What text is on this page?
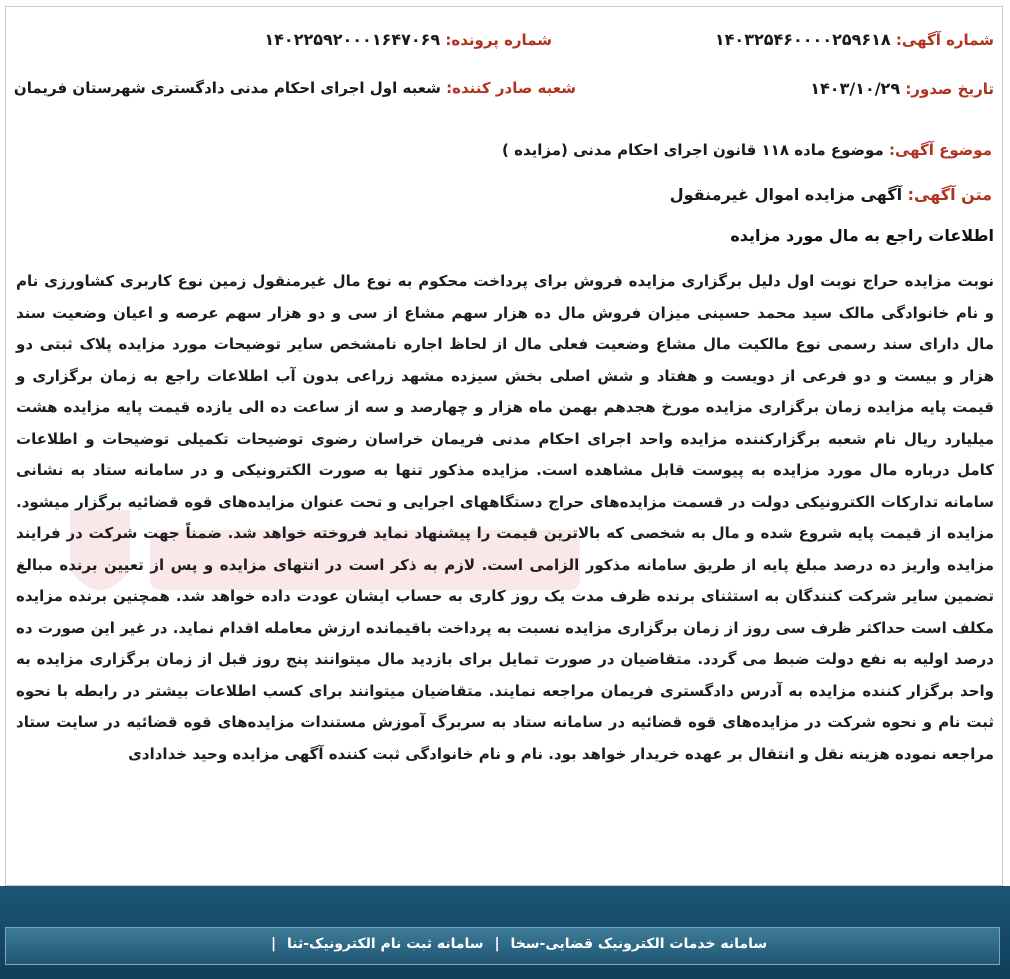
شماره آگهی: ۱۴۰۳۲۵۴۶۰۰۰۰۲۵۹۶۱۸
شماره پرونده: ۱۴۰۲۲۵۹۲۰۰۰۱۶۴۷۰۶۹
تاریخ صدور: ۱۴۰۳/۱۰/۲۹
شعبه صادر کننده: شعبه اول اجرای احکام مدنی دادگستری شهرستان فریمان
موضوع آگهی: موضوع ماده ۱۱۸ قانون اجرای احکام مدنی (مزایده )
متن آگهی: آگهی مزایده اموال غیرمنقول
اطلاعات راجع به مال مورد مزایده
نوبت مزایده حراج نوبت اول دلیل برگزاری مزایده فروش برای پرداخت محکوم به نوع مال غیرمنقول زمین نوع کاربری کشاورزی نام و نام خانوادگی مالک سید محمد حسینی میزان فروش مال ده هزار سهم مشاع از سی و دو هزار سهم عرصه و اعیان وضعیت سند مال دارای سند رسمی نوع مالکیت مال مشاع وضعیت فعلی مال از لحاظ اجاره نامشخص سایر توضیحات مورد مزایده پلاک ثبتی دو هزار و بیست و دو فرعی از دویست و هفتاد و شش اصلی بخش سیزده مشهد زراعی بدون آب اطلاعات راجع به زمان برگزاری و قیمت پایه مزایده زمان برگزاری مزایده مورخ هجدهم بهمن ماه هزار و چهارصد و سه از ساعت ده الی یازده قیمت پایه مزایده هشت میلیارد ریال نام شعبه برگزارکننده مزایده واحد اجرای احکام مدنی فریمان خراسان رضوی توضیحات تکمیلی توضیحات و اطلاعات کامل درباره مال مورد مزایده به پیوست قابل مشاهده است. مزایده مذکور تنها به صورت الکترونیکی و در سامانه ستاد به نشانی سامانه تدارکات الکترونیکی دولت در قسمت مزایده‌های حراج دستگاههای اجرایی و تحت عنوان مزایده‌های قوه قضائیه برگزار میشود. مزایده از قیمت پایه شروع شده و مال به شخصی که بالاترین قیمت را پیشنهاد نماید فروخته خواهد شد. ضمناً جهت شرکت در فرایند مزایده واریز ده درصد مبلغ پایه از طریق سامانه مذکور الزامی است. لازم به ذکر است در انتهای مزایده و پس از تعیین برنده مبالغ تضمین سایر شرکت کنندگان به استثنای برنده ظرف مدت یک روز کاری به حساب ایشان عودت داده خواهد شد. همچنین برنده مزایده مکلف است حداکثر ظرف سی روز از زمان برگزاری مزایده نسبت به پرداخت باقیمانده ارزش معامله اقدام نماید. در غیر این صورت ده درصد اولیه به نفع دولت ضبط می گردد. متقاضیان در صورت تمایل برای بازدید مال میتوانند پنج روز قبل از زمان برگزاری مزایده به واحد برگزار کننده مزایده به آدرس دادگستری فریمان مراجعه نمایند. متقاضیان میتوانند برای کسب اطلاعات بیشتر در رابطه با نحوه ثبت نام و نحوه شرکت در مزایده‌های قوه قضائیه در سامانه ستاد به سربرگ آموزش مستندات مزایده‌های قوه قضائیه در سایت ستاد مراجعه نموده هزینه نقل و انتقال بر عهده خریدار خواهد بود. نام و نام خانوادگی ثبت کننده آگهی مزایده وحید خدادادی
سامانه خدمات الکترونیک قضایی-سخا | سامانه ثبت نام الکترونیک-ثنا |
